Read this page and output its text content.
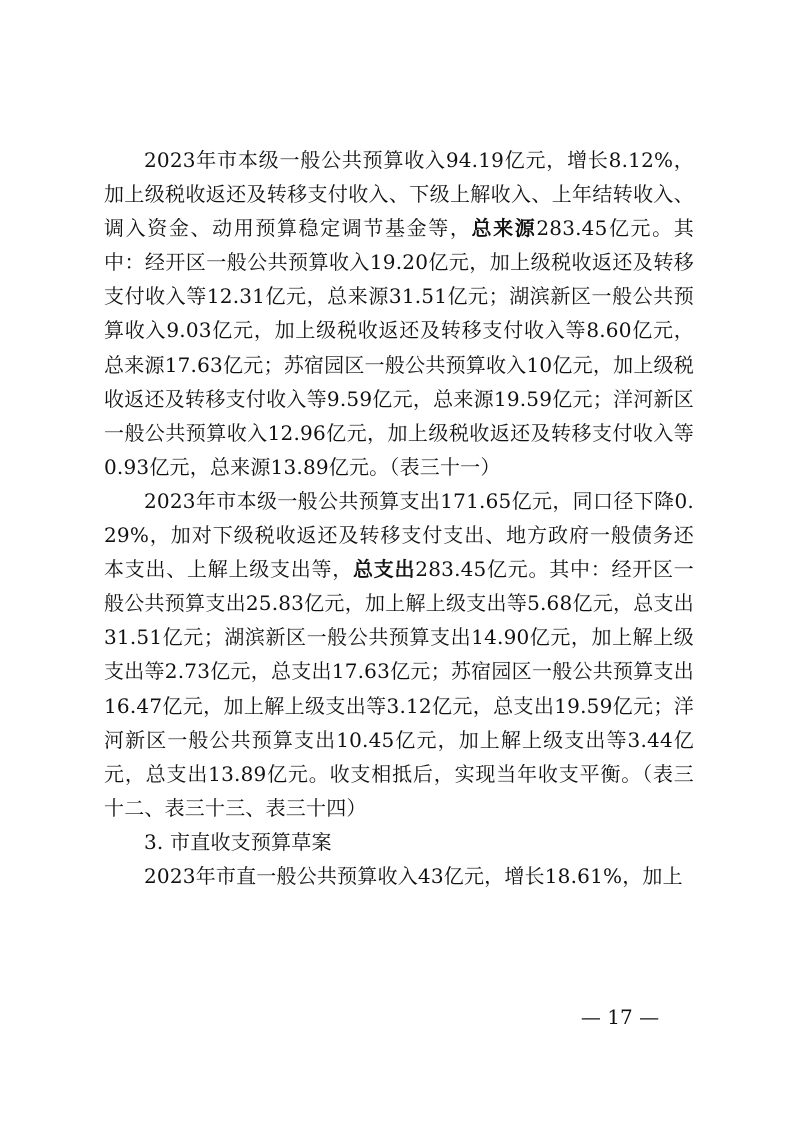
2023年市本级一般公共预算收入94.19亿元，增长8.12%，加上级税收返还及转移支付收入、下级上解收入、上年结转收入、调入资金、动用预算稳定调节基金等，总来源283.45亿元。其中：经开区一般公共预算收入19.20亿元，加上级税收返还及转移支付收入等12.31亿元，总来源31.51亿元；湖滨新区一般公共预算收入9.03亿元，加上级税收返还及转移支付收入等8.60亿元，总来源17.63亿元；苏宿园区一般公共预算收入10亿元，加上级税收返还及转移支付收入等9.59亿元，总来源19.59亿元；洋河新区一般公共预算收入12.96亿元，加上级税收返还及转移支付收入等0.93亿元，总来源13.89亿元。（表三十一）

2023年市本级一般公共预算支出171.65亿元，同口径下降0.29%，加对下级税收返还及转移支付支出、地方政府一般债务还本支出、上解上级支出等，总支出283.45亿元。其中：经开区一般公共预算支出25.83亿元，加上解上级支出等5.68亿元，总支出31.51亿元；湖滨新区一般公共预算支出14.90亿元，加上解上级支出等2.73亿元，总支出17.63亿元；苏宿园区一般公共预算支出16.47亿元，加上解上级支出等3.12亿元，总支出19.59亿元；洋河新区一般公共预算支出10.45亿元，加上解上级支出等3.44亿元，总支出13.89亿元。收支相抵后，实现当年收支平衡。（表三十二、表三十三、表三十四）

3. 市直收支预算草案

2023年市直一般公共预算收入43亿元，增长18.61%，加上

— 17 —
